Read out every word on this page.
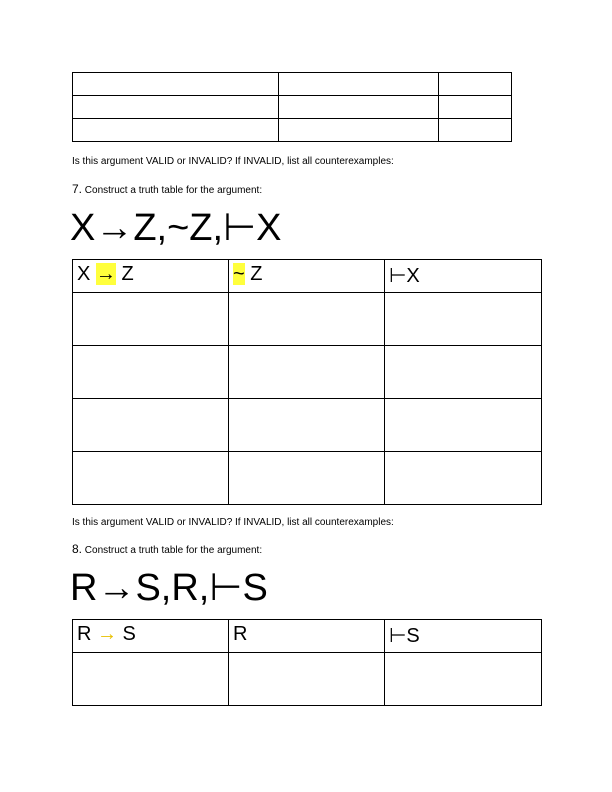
Is this argument VALID or INVALID? If INVALID, list all counterexamples:
7. Construct a truth table for the argument:
X→Z,~Z,⊢X
X → Z	~ Z	⊢X

Is this argument VALID or INVALID? If INVALID, list all counterexamples:
8. Construct a truth table for the argument:
R→S,R,⊢S
R → S	R	⊢S
